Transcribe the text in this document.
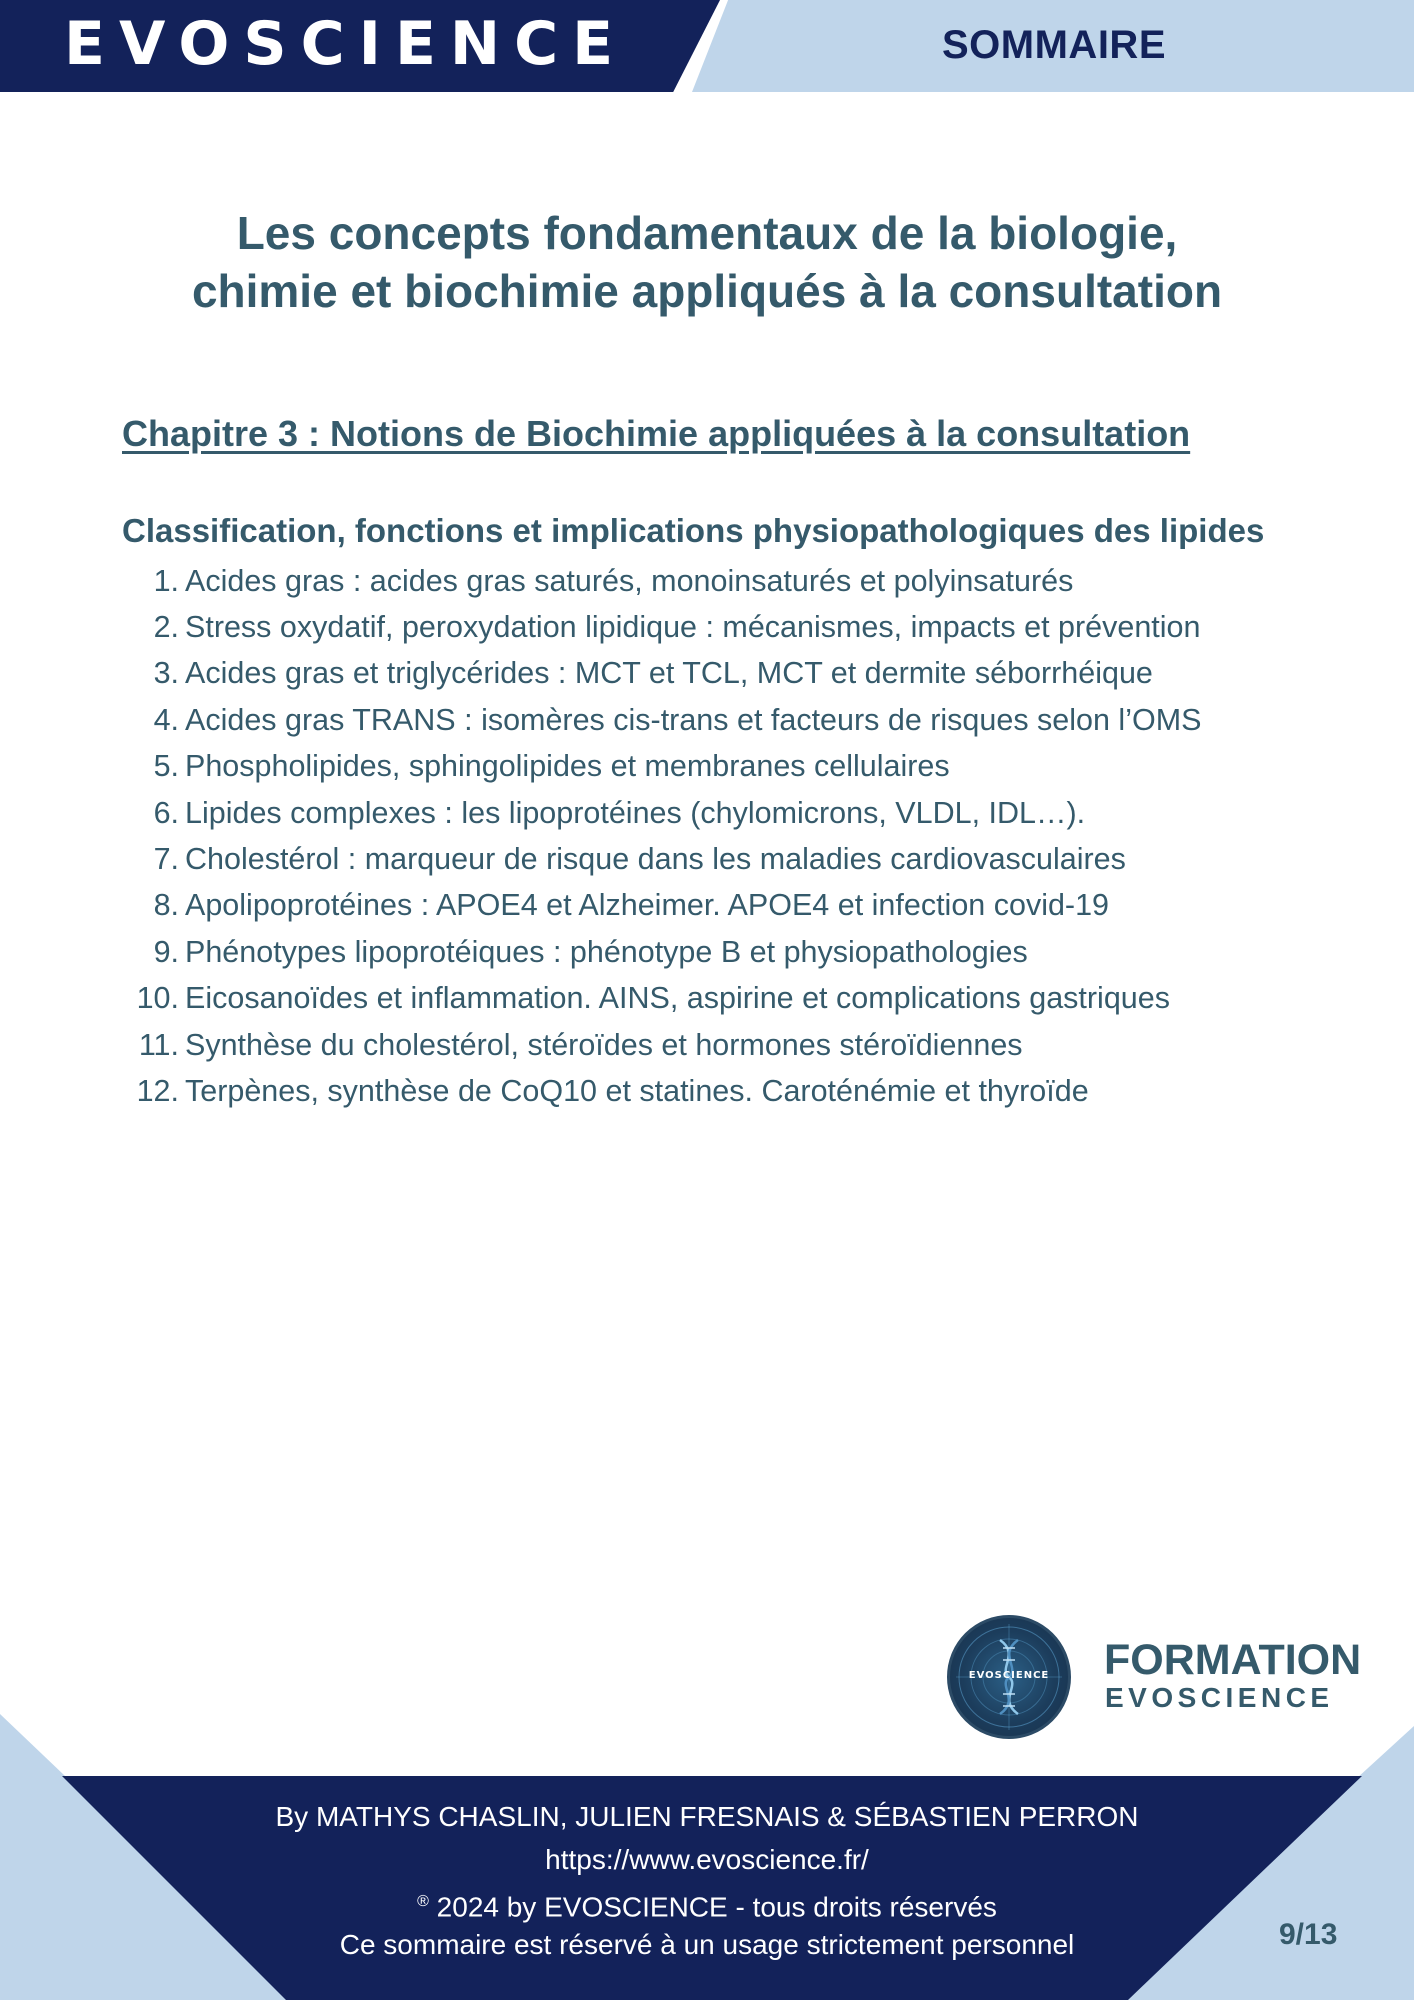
EVOSCIENCE	SOMMAIRE
Les concepts fondamentaux de la biologie,
chimie et biochimie appliqués à la consultation
Chapitre 3 : Notions de Biochimie appliquées à la consultation
Classification, fonctions et implications physiopathologiques des lipides
1. Acides gras : acides gras saturés, monoinsaturés et polyinsaturés
2. Stress oxydatif, peroxydation lipidique : mécanismes, impacts et prévention
3. Acides gras et triglycérides : MCT et TCL, MCT et dermite séborrhéique
4. Acides gras TRANS : isomères cis-trans et facteurs de risques selon l’OMS
5. Phospholipides, sphingolipides et membranes cellulaires
6. Lipides complexes : les lipoprotéines (chylomicrons, VLDL, IDL…).
7. Cholestérol : marqueur de risque dans les maladies cardiovasculaires
8. Apolipoprotéines : APOE4 et Alzheimer. APOE4 et infection covid-19
9. Phénotypes lipoprotéiques : phénotype B et physiopathologies
10. Eicosanoïdes et inflammation. AINS, aspirine et complications gastriques
11. Synthèse du cholestérol, stéroïdes et hormones stéroïdiennes
12. Terpènes, synthèse de CoQ10 et statines. Caroténémie et thyroïde
EVOSCIENCE	FORMATION
EVOSCIENCE
By MATHYS CHASLIN, JULIEN FRESNAIS & SÉBASTIEN PERRON
https://www.evoscience.fr/
® 2024 by EVOSCIENCE - tous droits réservés
Ce sommaire est réservé à un usage strictement personnel	9/13
